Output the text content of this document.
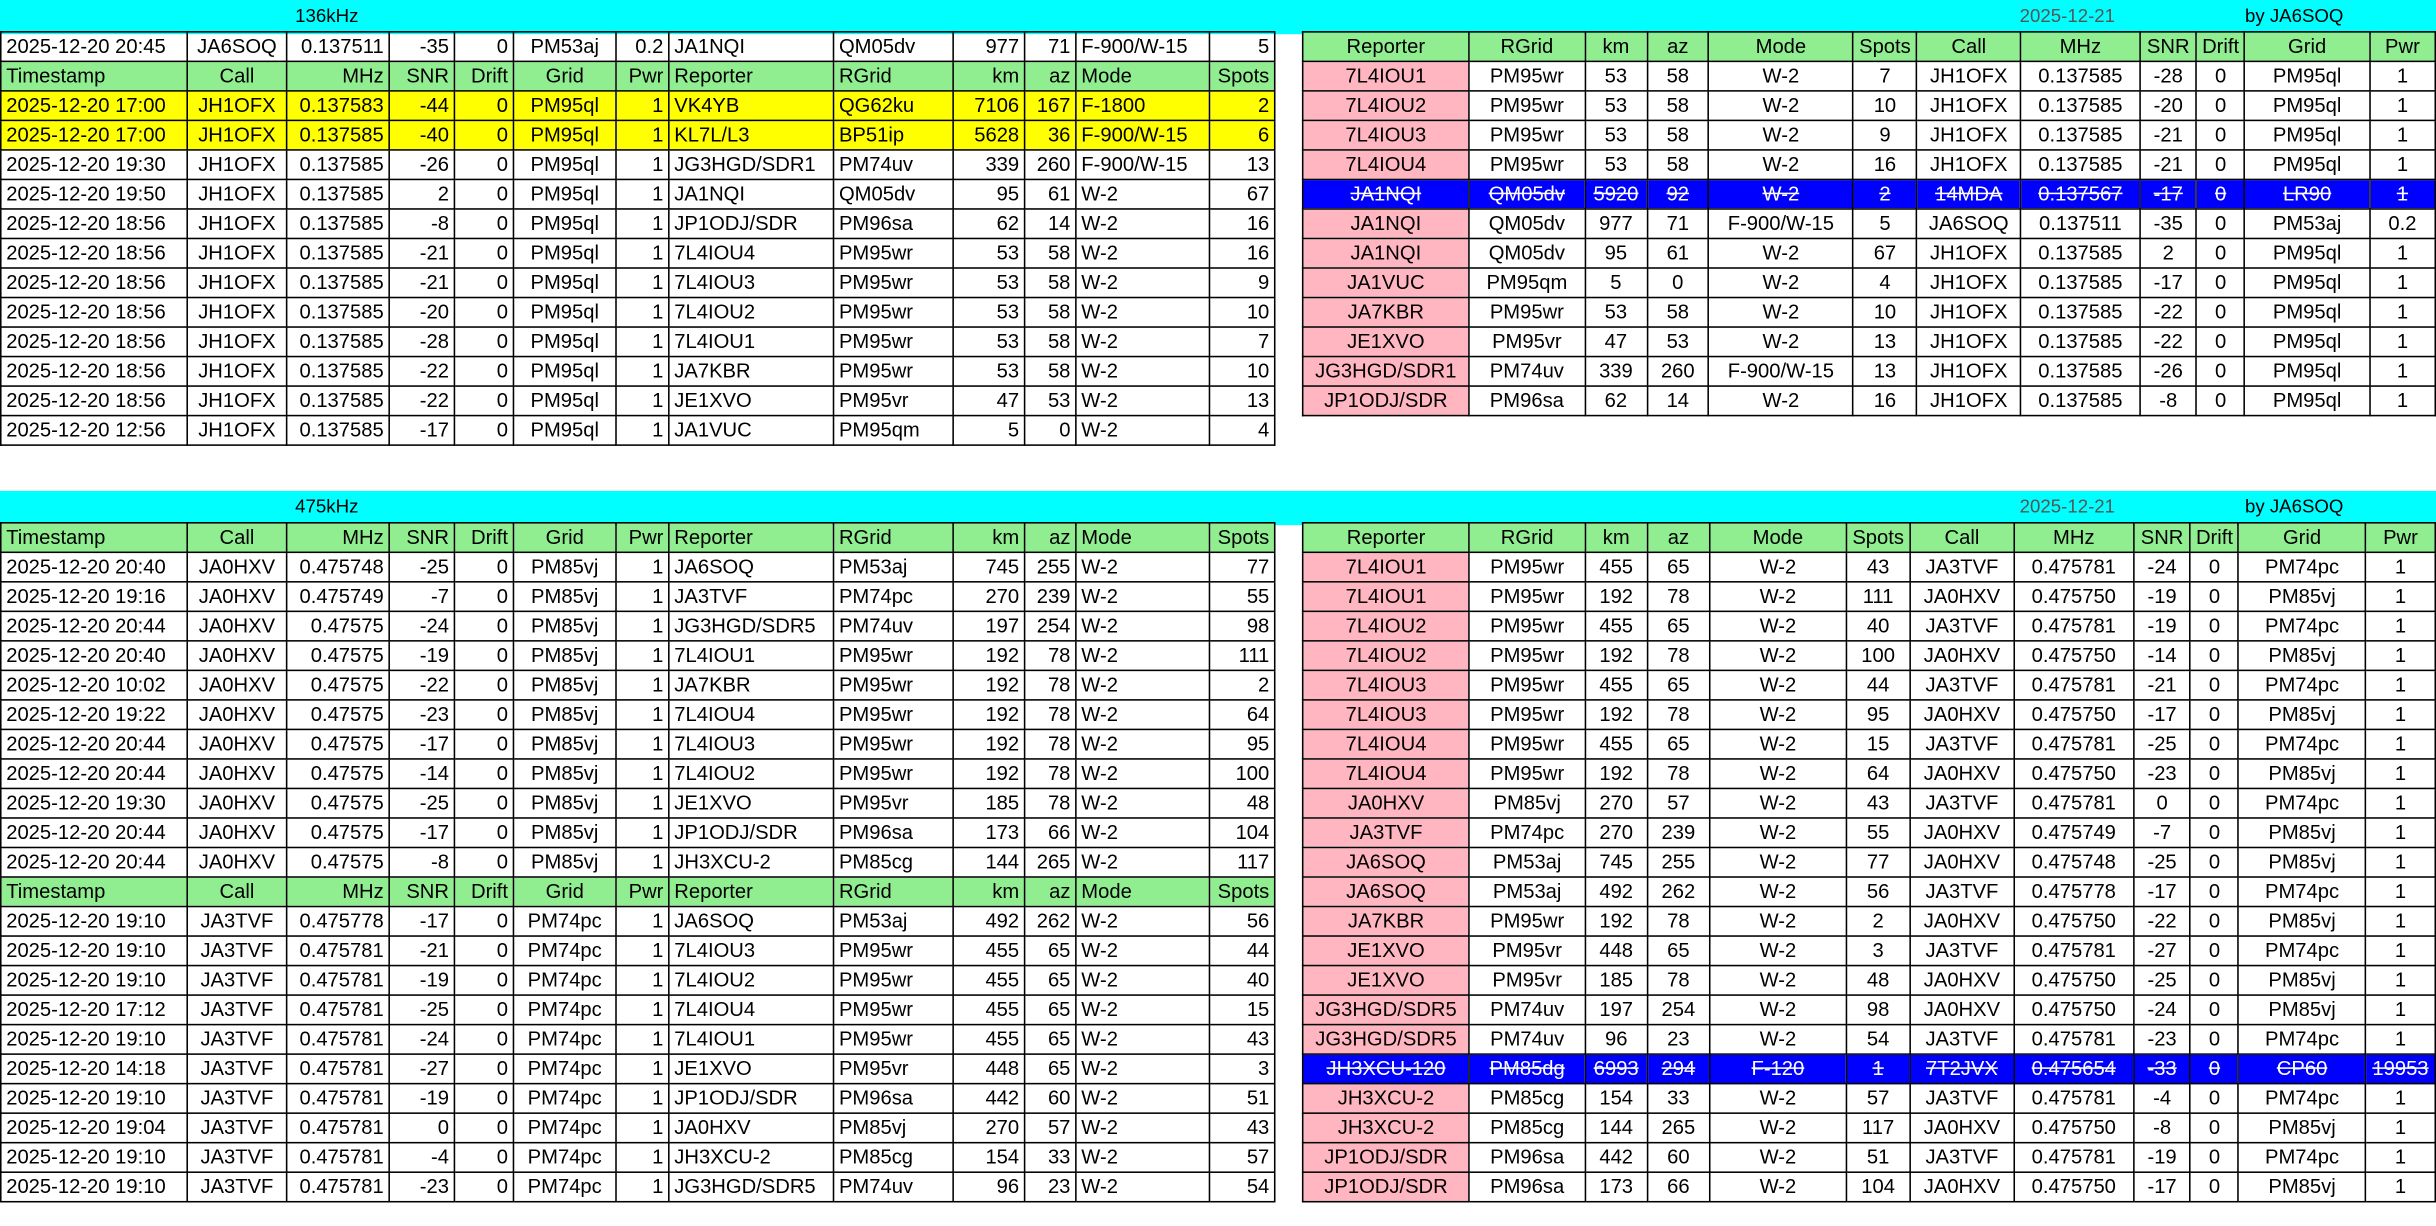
136kHz	2025-12-21	by JA6SOQ
2025-12-20 20:45	JA6SOQ	0.137511	-35	0	PM53aj	0.2	JA1NQI	QM05dv	977	71	F-900/W-15	5
Timestamp	Call	MHz	SNR	Drift	Grid	Pwr	Reporter	RGrid	km	az	Mode	Spots
2025-12-20 17:00	JH1OFX	0.137583	-44	0	PM95ql	1	VK4YB	QG62ku	7106	167	F-1800	2
2025-12-20 17:00	JH1OFX	0.137585	-40	0	PM95ql	1	KL7L/L3	BP51ip	5628	36	F-900/W-15	6
2025-12-20 19:30	JH1OFX	0.137585	-26	0	PM95ql	1	JG3HGD/SDR1	PM74uv	339	260	F-900/W-15	13
2025-12-20 19:50	JH1OFX	0.137585	2	0	PM95ql	1	JA1NQI	QM05dv	95	61	W-2	67
2025-12-20 18:56	JH1OFX	0.137585	-8	0	PM95ql	1	JP1ODJ/SDR	PM96sa	62	14	W-2	16
2025-12-20 18:56	JH1OFX	0.137585	-21	0	PM95ql	1	7L4IOU4	PM95wr	53	58	W-2	16
2025-12-20 18:56	JH1OFX	0.137585	-21	0	PM95ql	1	7L4IOU3	PM95wr	53	58	W-2	9
2025-12-20 18:56	JH1OFX	0.137585	-20	0	PM95ql	1	7L4IOU2	PM95wr	53	58	W-2	10
2025-12-20 18:56	JH1OFX	0.137585	-28	0	PM95ql	1	7L4IOU1	PM95wr	53	58	W-2	7
2025-12-20 18:56	JH1OFX	0.137585	-22	0	PM95ql	1	JA7KBR	PM95wr	53	58	W-2	10
2025-12-20 18:56	JH1OFX	0.137585	-22	0	PM95ql	1	JE1XVO	PM95vr	47	53	W-2	13
2025-12-20 12:56	JH1OFX	0.137585	-17	0	PM95ql	1	JA1VUC	PM95qm	5	0	W-2	4
Reporter	RGrid	km	az	Mode	Spots	Call	MHz	SNR	Drift	Grid	Pwr
7L4IOU1	PM95wr	53	58	W-2	7	JH1OFX	0.137585	-28	0	PM95ql	1
7L4IOU2	PM95wr	53	58	W-2	10	JH1OFX	0.137585	-20	0	PM95ql	1
7L4IOU3	PM95wr	53	58	W-2	9	JH1OFX	0.137585	-21	0	PM95ql	1
7L4IOU4	PM95wr	53	58	W-2	16	JH1OFX	0.137585	-21	0	PM95ql	1
JA1NQI	QM05dv	5920	92	W-2	2	14MDA	0.137567	-17	0	LR90	1
JA1NQI	QM05dv	977	71	F-900/W-15	5	JA6SOQ	0.137511	-35	0	PM53aj	0.2
JA1NQI	QM05dv	95	61	W-2	67	JH1OFX	0.137585	2	0	PM95ql	1
JA1VUC	PM95qm	5	0	W-2	4	JH1OFX	0.137585	-17	0	PM95ql	1
JA7KBR	PM95wr	53	58	W-2	10	JH1OFX	0.137585	-22	0	PM95ql	1
JE1XVO	PM95vr	47	53	W-2	13	JH1OFX	0.137585	-22	0	PM95ql	1
JG3HGD/SDR1	PM74uv	339	260	F-900/W-15	13	JH1OFX	0.137585	-26	0	PM95ql	1
JP1ODJ/SDR	PM96sa	62	14	W-2	16	JH1OFX	0.137585	-8	0	PM95ql	1
475kHz	2025-12-21	by JA6SOQ
Timestamp	Call	MHz	SNR	Drift	Grid	Pwr	Reporter	RGrid	km	az	Mode	Spots
2025-12-20 20:40	JA0HXV	0.475748	-25	0	PM85vj	1	JA6SOQ	PM53aj	745	255	W-2	77
2025-12-20 19:16	JA0HXV	0.475749	-7	0	PM85vj	1	JA3TVF	PM74pc	270	239	W-2	55
2025-12-20 20:44	JA0HXV	0.47575	-24	0	PM85vj	1	JG3HGD/SDR5	PM74uv	197	254	W-2	98
2025-12-20 20:40	JA0HXV	0.47575	-19	0	PM85vj	1	7L4IOU1	PM95wr	192	78	W-2	111
2025-12-20 10:02	JA0HXV	0.47575	-22	0	PM85vj	1	JA7KBR	PM95wr	192	78	W-2	2
2025-12-20 19:22	JA0HXV	0.47575	-23	0	PM85vj	1	7L4IOU4	PM95wr	192	78	W-2	64
2025-12-20 20:44	JA0HXV	0.47575	-17	0	PM85vj	1	7L4IOU3	PM95wr	192	78	W-2	95
2025-12-20 20:44	JA0HXV	0.47575	-14	0	PM85vj	1	7L4IOU2	PM95wr	192	78	W-2	100
2025-12-20 19:30	JA0HXV	0.47575	-25	0	PM85vj	1	JE1XVO	PM95vr	185	78	W-2	48
2025-12-20 20:44	JA0HXV	0.47575	-17	0	PM85vj	1	JP1ODJ/SDR	PM96sa	173	66	W-2	104
2025-12-20 20:44	JA0HXV	0.47575	-8	0	PM85vj	1	JH3XCU-2	PM85cg	144	265	W-2	117
Timestamp	Call	MHz	SNR	Drift	Grid	Pwr	Reporter	RGrid	km	az	Mode	Spots
2025-12-20 19:10	JA3TVF	0.475778	-17	0	PM74pc	1	JA6SOQ	PM53aj	492	262	W-2	56
2025-12-20 19:10	JA3TVF	0.475781	-21	0	PM74pc	1	7L4IOU3	PM95wr	455	65	W-2	44
2025-12-20 19:10	JA3TVF	0.475781	-19	0	PM74pc	1	7L4IOU2	PM95wr	455	65	W-2	40
2025-12-20 17:12	JA3TVF	0.475781	-25	0	PM74pc	1	7L4IOU4	PM95wr	455	65	W-2	15
2025-12-20 19:10	JA3TVF	0.475781	-24	0	PM74pc	1	7L4IOU1	PM95wr	455	65	W-2	43
2025-12-20 14:18	JA3TVF	0.475781	-27	0	PM74pc	1	JE1XVO	PM95vr	448	65	W-2	3
2025-12-20 19:10	JA3TVF	0.475781	-19	0	PM74pc	1	JP1ODJ/SDR	PM96sa	442	60	W-2	51
2025-12-20 19:04	JA3TVF	0.475781	0	0	PM74pc	1	JA0HXV	PM85vj	270	57	W-2	43
2025-12-20 19:10	JA3TVF	0.475781	-4	0	PM74pc	1	JH3XCU-2	PM85cg	154	33	W-2	57
2025-12-20 19:10	JA3TVF	0.475781	-23	0	PM74pc	1	JG3HGD/SDR5	PM74uv	96	23	W-2	54
Reporter	RGrid	km	az	Mode	Spots	Call	MHz	SNR	Drift	Grid	Pwr
7L4IOU1	PM95wr	455	65	W-2	43	JA3TVF	0.475781	-24	0	PM74pc	1
7L4IOU1	PM95wr	192	78	W-2	111	JA0HXV	0.475750	-19	0	PM85vj	1
7L4IOU2	PM95wr	455	65	W-2	40	JA3TVF	0.475781	-19	0	PM74pc	1
7L4IOU2	PM95wr	192	78	W-2	100	JA0HXV	0.475750	-14	0	PM85vj	1
7L4IOU3	PM95wr	455	65	W-2	44	JA3TVF	0.475781	-21	0	PM74pc	1
7L4IOU3	PM95wr	192	78	W-2	95	JA0HXV	0.475750	-17	0	PM85vj	1
7L4IOU4	PM95wr	455	65	W-2	15	JA3TVF	0.475781	-25	0	PM74pc	1
7L4IOU4	PM95wr	192	78	W-2	64	JA0HXV	0.475750	-23	0	PM85vj	1
JA0HXV	PM85vj	270	57	W-2	43	JA3TVF	0.475781	0	0	PM74pc	1
JA3TVF	PM74pc	270	239	W-2	55	JA0HXV	0.475749	-7	0	PM85vj	1
JA6SOQ	PM53aj	745	255	W-2	77	JA0HXV	0.475748	-25	0	PM85vj	1
JA6SOQ	PM53aj	492	262	W-2	56	JA3TVF	0.475778	-17	0	PM74pc	1
JA7KBR	PM95wr	192	78	W-2	2	JA0HXV	0.475750	-22	0	PM85vj	1
JE1XVO	PM95vr	448	65	W-2	3	JA3TVF	0.475781	-27	0	PM74pc	1
JE1XVO	PM95vr	185	78	W-2	48	JA0HXV	0.475750	-25	0	PM85vj	1
JG3HGD/SDR5	PM74uv	197	254	W-2	98	JA0HXV	0.475750	-24	0	PM85vj	1
JG3HGD/SDR5	PM74uv	96	23	W-2	54	JA3TVF	0.475781	-23	0	PM74pc	1
JH3XCU-120	PM85dg	6993	294	F-120	1	7T2JVX	0.475654	-33	0	CP60	19953
JH3XCU-2	PM85cg	154	33	W-2	57	JA3TVF	0.475781	-4	0	PM74pc	1
JH3XCU-2	PM85cg	144	265	W-2	117	JA0HXV	0.475750	-8	0	PM85vj	1
JP1ODJ/SDR	PM96sa	442	60	W-2	51	JA3TVF	0.475781	-19	0	PM74pc	1
JP1ODJ/SDR	PM96sa	173	66	W-2	104	JA0HXV	0.475750	-17	0	PM85vj	1
